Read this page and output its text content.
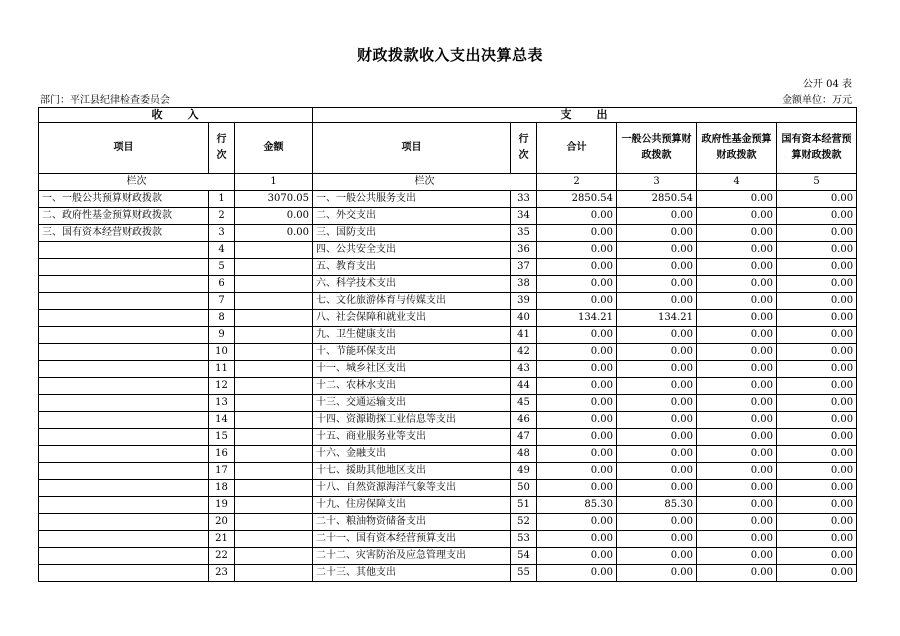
财政拨款收入支出决算总表
公开 04 表
部门：平江县纪律检查委员会	金额单位：万元
收　　入			支　　出					
项目	行次	金额	项目	行次	合计	一般公共预算财政拨款	政府性基金预算财政拨款	国有资本经营预算财政拨款
栏次		1	栏次		2	3	4	5
一、一般公共预算财政拨款	1	3070.05	一、一般公共服务支出	33	2850.54	2850.54	0.00	0.00
二、政府性基金预算财政拨款	2	0.00	二、外交支出	34	0.00	0.00	0.00	0.00
三、国有资本经营财政拨款	3	0.00	三、国防支出	35	0.00	0.00	0.00	0.00
	4		四、公共安全支出	36	0.00	0.00	0.00	0.00
	5		五、教育支出	37	0.00	0.00	0.00	0.00
	6		六、科学技术支出	38	0.00	0.00	0.00	0.00
	7		七、文化旅游体育与传媒支出	39	0.00	0.00	0.00	0.00
	8		八、社会保障和就业支出	40	134.21	134.21	0.00	0.00
	9		九、卫生健康支出	41	0.00	0.00	0.00	0.00
	10		十、节能环保支出	42	0.00	0.00	0.00	0.00
	11		十一、城乡社区支出	43	0.00	0.00	0.00	0.00
	12		十二、农林水支出	44	0.00	0.00	0.00	0.00
	13		十三、交通运输支出	45	0.00	0.00	0.00	0.00
	14		十四、资源勘探工业信息等支出	46	0.00	0.00	0.00	0.00
	15		十五、商业服务业等支出	47	0.00	0.00	0.00	0.00
	16		十六、金融支出	48	0.00	0.00	0.00	0.00
	17		十七、援助其他地区支出	49	0.00	0.00	0.00	0.00
	18		十八、自然资源海洋气象等支出	50	0.00	0.00	0.00	0.00
	19		十九、住房保障支出	51	85.30	85.30	0.00	0.00
	20		二十、粮油物资储备支出	52	0.00	0.00	0.00	0.00
	21		二十一、国有资本经营预算支出	53	0.00	0.00	0.00	0.00
	22		二十二、灾害防治及应急管理支出	54	0.00	0.00	0.00	0.00
	23		二十三、其他支出	55	0.00	0.00	0.00	0.00
